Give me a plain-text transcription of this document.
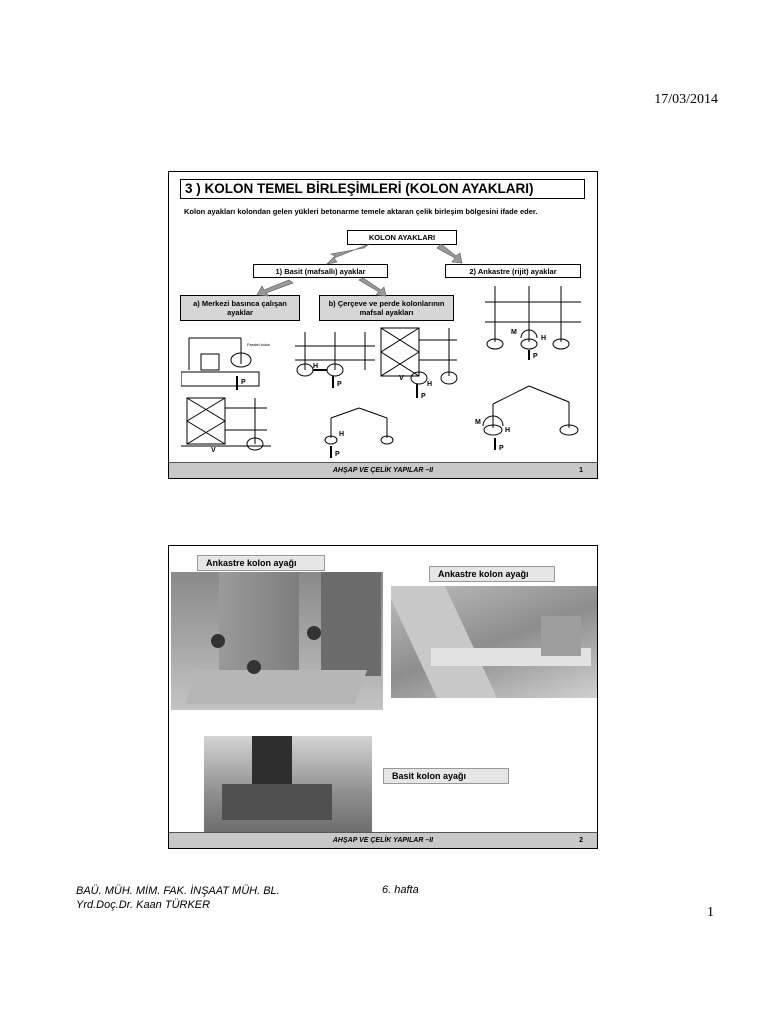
17/03/2014
3 ) KOLON TEMEL BİRLEŞİMLERİ (KOLON AYAKLARI)
Kolon ayakları kolondan gelen yükleri betonarme temele aktaran çelik birleşim bölgesini ifade eder.
KOLON AYAKLARI
1) Basit (mafsallı) ayaklar	2) Ankastre (rijit) ayaklar
a) Merkezi basınca çalışan ayaklar
b) Çerçeve ve perde kolonlarının mafsal ayakları
P
Paralel kolon
V
H
P	H
V
P
H
P
M
H
P
M
H
P
AHŞAP VE ÇELİK YAPILAR –II	1
Ankastre kolon ayağı
Ankastre kolon ayağı
Basit kolon ayağı
AHŞAP VE ÇELİK YAPILAR –II	2
BAÜ. MÜH. MİM. FAK. İNŞAAT MÜH. BL.
Yrd.Doç.Dr. Kaan TÜRKER
6. hafta
1
